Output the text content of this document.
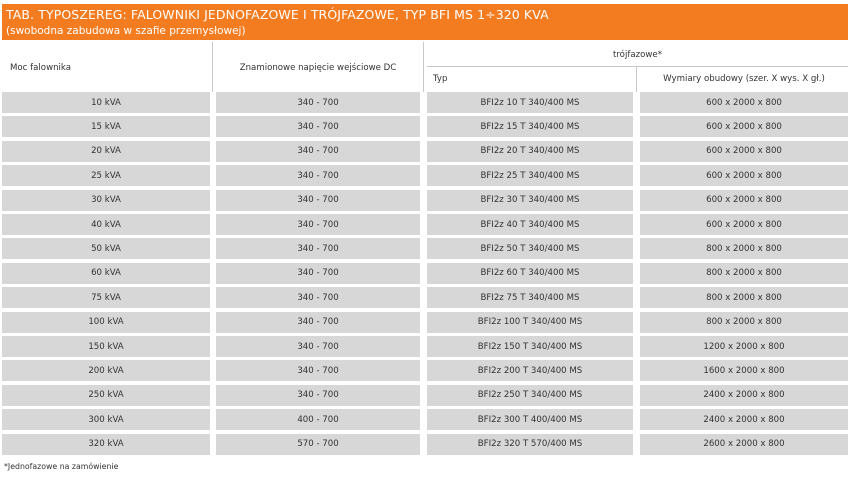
TAB. TYPOSZEREG: FALOWNIKI JEDNOFAZOWE I TRÓJFAZOWE, TYP BFI MS 1÷320 KVA
(swobodna zabudowa w szafie przemysłowej)
Moc falownika	Znamionowe napięcie wejściowe DC
trójfazowe*
Typ	Wymiary obudowy (szer. X wys. X gł.)
10 kVA	340 - 700	BFI2z 10 T 340/400 MS	600 x 2000 x 800
15 kVA	340 - 700	BFI2z 15 T 340/400 MS	600 x 2000 x 800
20 kVA	340 - 700	BFI2z 20 T 340/400 MS	600 x 2000 x 800
25 kVA	340 - 700	BFI2z 25 T 340/400 MS	600 x 2000 x 800
30 kVA	340 - 700	BFI2z 30 T 340/400 MS	600 x 2000 x 800
40 kVA	340 - 700	BFI2z 40 T 340/400 MS	600 x 2000 x 800
50 kVA	340 - 700	BFI2z 50 T 340/400 MS	800 x 2000 x 800
60 kVA	340 - 700	BFI2z 60 T 340/400 MS	800 x 2000 x 800
75 kVA	340 - 700	BFI2z 75 T 340/400 MS	800 x 2000 x 800
100 kVA	340 - 700	BFI2z 100 T 340/400 MS	800 x 2000 x 800
150 kVA	340 - 700	BFI2z 150 T 340/400 MS	1200 x 2000 x 800
200 kVA	340 - 700	BFI2z 200 T 340/400 MS	1600 x 2000 x 800
250 kVA	340 - 700	BFI2z 250 T 340/400 MS	2400 x 2000 x 800
300 kVA	400 - 700	BFI2z 300 T 400/400 MS	2400 x 2000 x 800
320 kVA	570 - 700	BFI2z 320 T 570/400 MS	2600 x 2000 x 800
*Jednofazowe na zamówienie
